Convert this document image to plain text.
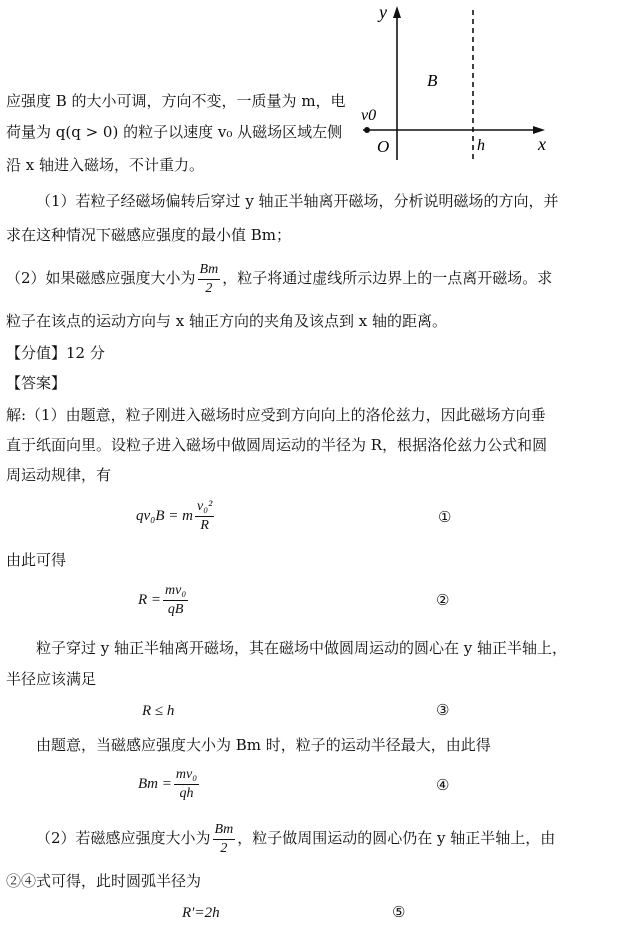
y
x
B
v0
O	h
应强度 B 的大小可调，方向不变，一质量为 m，电
荷量为 q(q > 0) 的粒子以速度 v₀ 从磁场区域左侧
沿 x 轴进入磁场，不计重力。
（1）若粒子经磁场偏转后穿过 y 轴正半轴离开磁场，分析说明磁场的方向，并
求在这种情况下磁感应强度的最小值 Bm；
（2）如果磁感应强度大小为 $\frac{Bm}{2}$ ，粒子将通过虚线所示边界上的一点离开磁场。求
粒子在该点的运动方向与 x 轴正方向的夹角及该点到 x 轴的距离。
【分值】12 分
【答案】
解:（1）由题意，粒子刚进入磁场时应受到方向向上的洛伦兹力，因此磁场方向垂
直于纸面向里。设粒子进入磁场中做圆周运动的半径为 R，根据洛伦兹力公式和圆
周运动规律，有
qv₀B = m $\frac{\text{v₀²}}{R}$	①
由此可得
$R = \frac{\text{mv₀}}{qB}$	②
粒子穿过 y 轴正半轴离开磁场，其在磁场中做圆周运动的圆心在 y 轴正半轴上，
半径应该满足
R ≤ h	③
由题意，当磁感应强度大小为 Bm 时，粒子的运动半径最大，由此得
$Bm = \frac{\text{mv₀}}{qh}$	④
（2）若磁感应强度大小为 $\frac{Bm}{2}$ ，粒子做周围运动的圆心仍在 y 轴正半轴上，由
②④式可得，此时圆弧半径为
R′=2h	⑤
